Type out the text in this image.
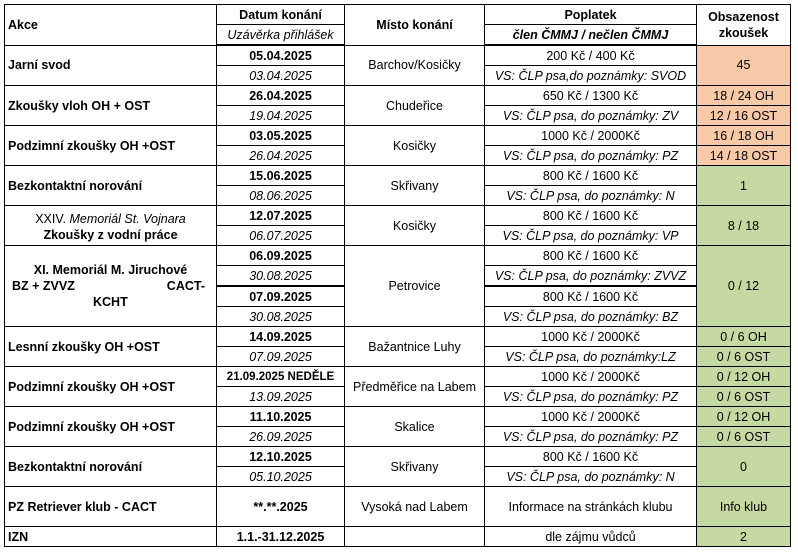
Akce	Datum konání	Místo konání	Poplatek	Obsazenost
zkoušek

	Uzávěrka přihlášek		člen ČMMJ / nečlen ČMMJ	
Jarní svod	05.04.2025	Barchov/Kosičky	200 Kč / 400 Kč	45
	03.04.2025		VS: ČLP psa,do poznámky: SVOD	
Zkoušky vloh OH + OST	26.04.2025	Chudeřice	650 Kč / 1300 Kč	18 / 24 OH
	19.04.2025		VS: ČLP psa, do poznámky: ZV	12 / 16 OST
Podzimní zkoušky OH +OST	03.05.2025	Kosičky	1000 Kč / 2000Kč	16 / 18 OH
	26.04.2025		VS: ČLP psa, do poznámky: PZ	14 / 18 OST
Bezkontaktní norování	15.06.2025	Skřivany	800 Kč / 1600 Kč	1
	08.06.2025		VS: ČLP psa, do poznámky: N	

XXIV. Memoriál St. Vojnara
Zkoušky z vodní práce	12.07.2025	Kosičky	800 Kč / 1600 Kč	8 / 18
	06.07.2025		VS: ČLP psa, do poznámky: VP	

XI. Memoriál M. Jiruchové
BZ + ZVVZ CACT-
KCHT	06.09.2025	Petrovice	800 Kč / 1600 Kč	0 / 12
	30.08.2025		VS: ČLP psa, do poznámky: ZVVZ	
	07.09.2025		800 Kč / 1600 Kč	
	30.08.2025		VS: ČLP psa, do poznámky: BZ	
Lesnní zkoušky OH +OST	14.09.2025	Bažantnice Luhy	1000 Kč / 2000Kč	0 / 6 OH
	07.09.2025		VS: ČLP psa, do poznámky:LZ	0 / 6 OST
Podzimní zkoušky OH +OST	21.09.2025 NEDĚLE	Předměřice na Labem	1000 Kč / 2000Kč	0 / 12 OH
	13.09.2025		VS: ČLP psa, do poznámky: PZ	0 / 6 OST
Podzimní zkoušky OH +OST	11.10.2025	Skalice	1000 Kč / 2000Kč	0 / 12 OH
	26.09.2025		VS: ČLP psa, do poznámky: PZ	0 / 6 OST
Bezkontaktní norování	12.10.2025	Skřivany	800 Kč / 1600 Kč	0
	05.10.2025		VS: ČLP psa, do poznámky: N	
PZ Retriever klub - CACT	**.**.2025	Vysoká nad Labem	Informace na stránkách klubu	Info klub
IZN	1.1.-31.12.2025		dle zájmu vůdců	2
